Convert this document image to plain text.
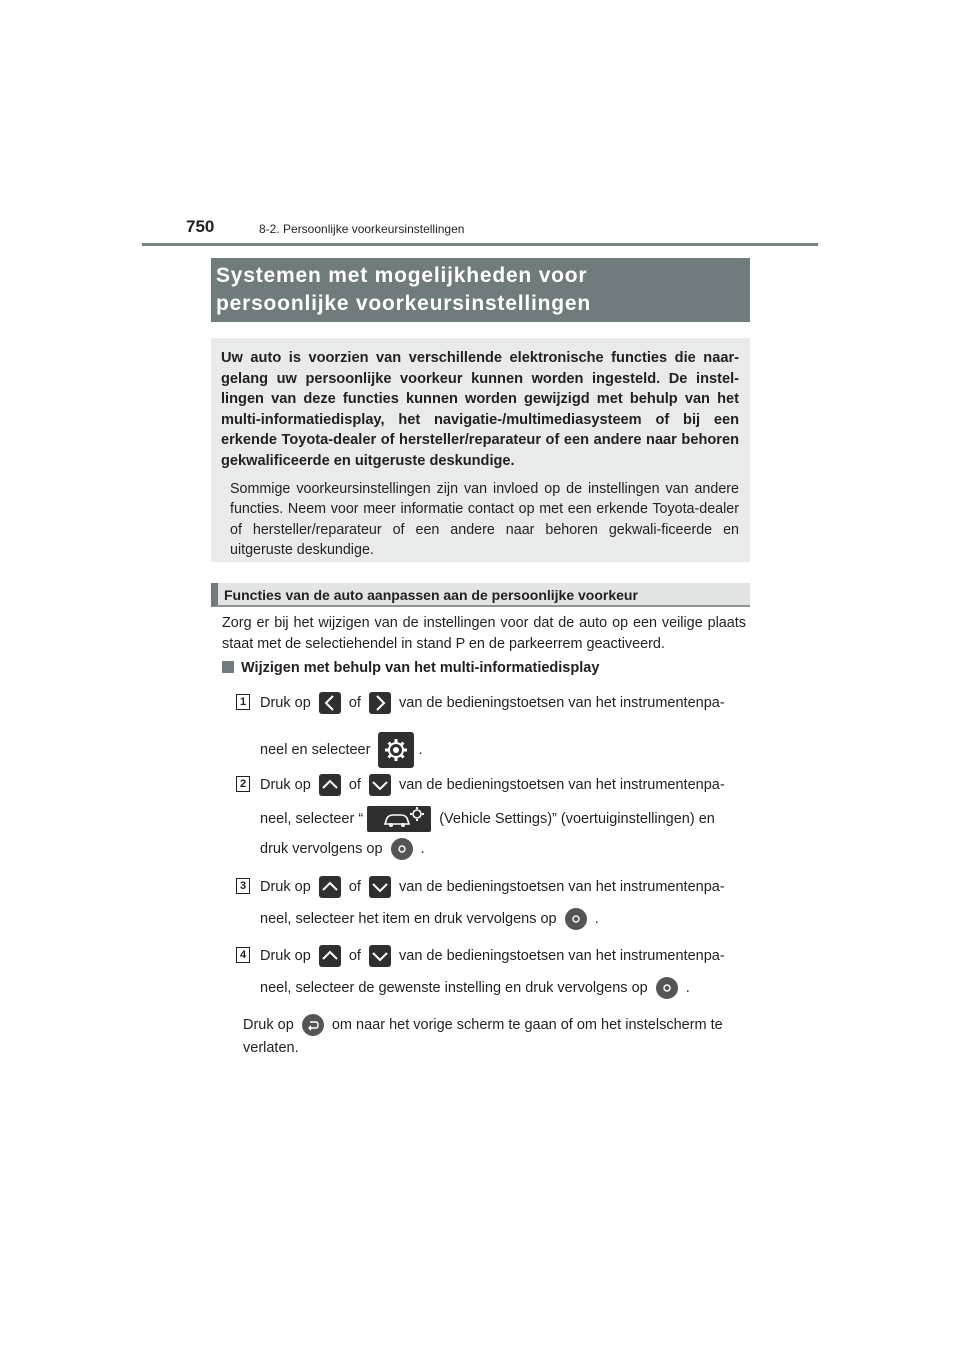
750	8-2. Persoonlijke voorkeursinstellingen
Systemen met mogelijkheden voor
persoonlijke voorkeursinstellingen
Uw auto is voorzien van verschillende elektronische functies die naar-gelang uw persoonlijke voorkeur kunnen worden ingesteld. De instel-lingen van deze functies kunnen worden gewijzigd met behulp van het multi-informatiedisplay, het navigatie-/multimediasysteem of bij een erkende Toyota-dealer of hersteller/reparateur of een andere naar behoren gekwalificeerde en uitgeruste deskundige.
Sommige voorkeursinstellingen zijn van invloed op de instellingen van andere functies. Neem voor meer informatie contact op met een erkende Toyota-dealer of hersteller/reparateur of een andere naar behoren gekwali-ficeerde en uitgeruste deskundige.
Functies van de auto aanpassen aan de persoonlijke voorkeur
Zorg er bij het wijzigen van de instellingen voor dat de auto op een veilige plaats staat met de selectiehendel in stand P en de parkeerrem geactiveerd.
Wijzigen met behulp van het multi-informatiedisplay
1 Druk op	of	van de bedieningstoetsen van het instrumentenpa-
neel en selecteer	.
2 Druk op	of	van de bedieningstoetsen van het instrumentenpa-
neel, selecteer “	(Vehicle Settings)” (voertuiginstellingen) en
druk vervolgens op	.
3 Druk op	of	van de bedieningstoetsen van het instrumentenpa-
neel, selecteer het item en druk vervolgens op	.
4 Druk op	of	van de bedieningstoetsen van het instrumentenpa-
neel, selecteer de gewenste instelling en druk vervolgens op	.
Druk op	om naar het vorige scherm te gaan of om het instelscherm te
verlaten.
